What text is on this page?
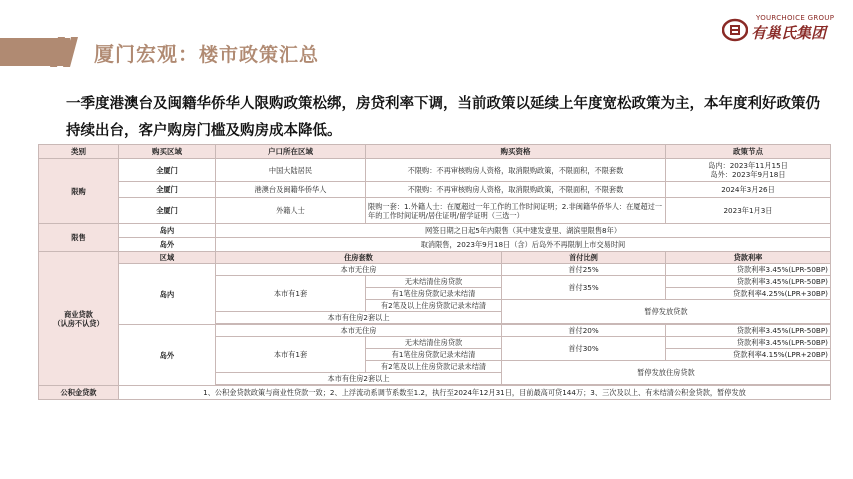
厦门宏观：楼市政策汇总
YOURCHOICE GROUP
有巢氏集团
一季度港澳台及闽籍华侨华人限购政策松绑，房贷利率下调，当前政策以延续上年度宽松政策为主，本年度利好政策仍持续出台，客户购房门槛及购房成本降低。
类别	购买区域	户口所在区域	购买资格		政策节点
限购	全厦门	中国大陆居民	不限购：不再审核购房人资格，取消限购政策，不限面积，不限套数		岛内：2023年11月15日
岛外：2023年9月18日
	全厦门	港澳台及闽籍华侨华人	不限购：不再审核购房人资格，取消限购政策，不限面积，不限套数		2024年3月26日
	全厦门	外籍人士	限购一套：1.外籍人士：在厦超过一年工作的工作时间证明；2.非闽籍华侨华人：在厦超过一年的工作时间证明/居住证明/留学证明（三选一）		2023年1月3日
限售	岛内	网签日期之日起5年内限售（其中建发壹里、湖滨里限售8年）			
	岛外	取消限售，2023年9月18日（含）后岛外不再限制上市交易时间			
商业贷款
（认房不认贷）	区域	住房套数		首付比例	贷款利率
	岛内	本市无住房		首付25%	贷款利率3.45%(LPR-50BP)
		本市有1套	无未结清住房贷款	首付35%	贷款利率3.45%(LPR-50BP)
			有1笔住房贷款记录未结清		贷款利率4.25%(LPR+30BP)
			有2笔及以上住房贷款记录未结清	暂停发放贷款	
		本市有住房2套以上			

	岛外	本市无住房		首付20%	贷款利率3.45%(LPR-50BP)
		本市有1套	无未结清住房贷款	首付30%	贷款利率3.45%(LPR-50BP)
			有1笔住房贷款记录未结清		贷款利率4.15%(LPR+20BP)
			有2笔及以上住房贷款记录未结清	暂停发放住房贷款	
		本市有住房2套以上			

公积金贷款	1、公积金贷款政策与商业性贷款一致；2、上浮流动系调节系数至1.2，执行至2024年12月31日，目前最高可贷144万；3、三次及以上、有未结清公积金贷款，暂停发放				
